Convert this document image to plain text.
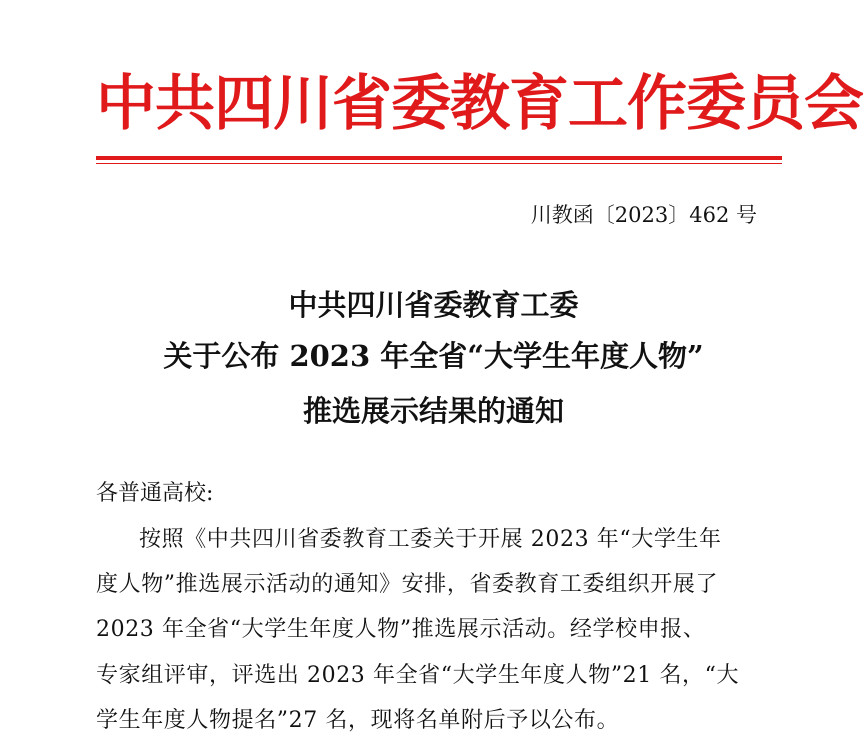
中共四川省委教育工作委员会
川教函〔2023〕462 号
中共四川省委教育工委
关于公布 2023 年全省“大学生年度人物”
推选展示结果的通知
各普通高校:
按照《中共四川省委教育工委关于开展 2023 年“大学生年
度人物”推选展示活动的通知》安排，省委教育工委组织开展了
2023 年全省“大学生年度人物”推选展示活动。经学校申报、
专家组评审，评选出 2023 年全省“大学生年度人物”21 名，“大
学生年度人物提名”27 名，现将名单附后予以公布。
